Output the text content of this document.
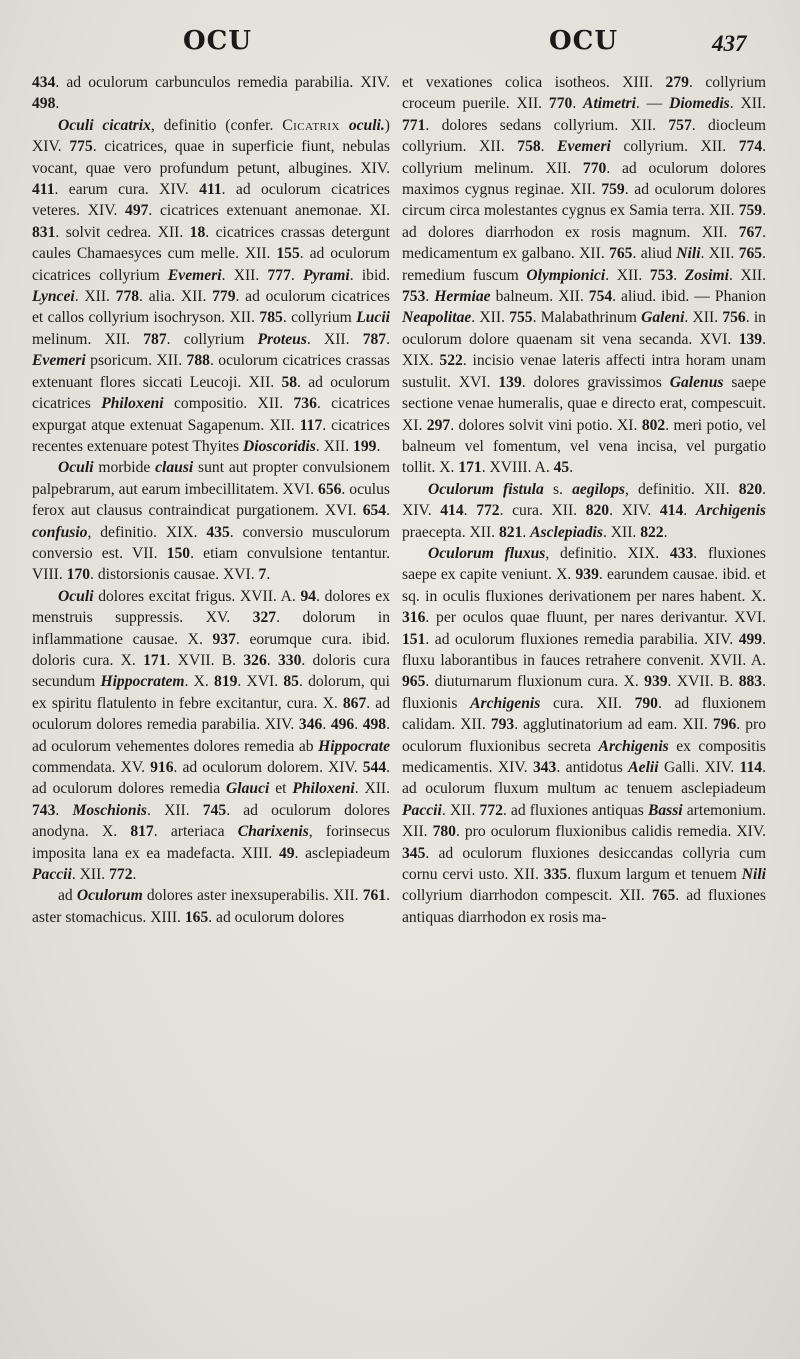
OCU	OCU	437

434. ad oculorum carbunculos remedia parabilia. XIV. 498.

Oculi cicatrix, definitio (confer. Cicatrix oculi.) XIV. 775. cicatrices, quae in superficie fiunt, nebulas vocant, quae vero profundum petunt, albugines. XIV. 411. earum cura. XIV. 411. ad oculorum cicatrices veteres. XIV. 497. cicatrices extenuant anemonae. XI. 831. solvit cedrea. XII. 18. cicatrices crassas detergunt caules Chamaesyces cum melle. XII. 155. ad oculorum cicatrices collyrium Evemeri. XII. 777. Pyrami. ibid. Lyncei. XII. 778. alia. XII. 779. ad oculorum cicatrices et callos collyrium isochryson. XII. 785. collyrium Lucii melinum. XII. 787. collyrium Proteus. XII. 787. Evemeri psoricum. XII. 788. oculorum cicatrices crassas extenuant flores siccati Leucoji. XII. 58. ad oculorum cicatrices Philoxeni compositio. XII. 736. cicatrices expurgat atque extenuat Sagapenum. XII. 117. cicatrices recentes extenuare potest Thyites Dioscoridis. XII. 199.

Oculi morbide clausi sunt aut propter convulsionem palpebrarum, aut earum imbecillitatem. XVI. 656. oculus ferox aut clausus contraindicat purgationem. XVI. 654. confusio, definitio. XIX. 435. conversio musculorum conversio est. VII. 150. etiam convulsione tentantur. VIII. 170. distorsionis causae. XVI. 7.

Oculi dolores excitat frigus. XVII. A. 94. dolores ex menstruis suppressis. XV. 327. dolorum in inflammatione causae. X. 937. eorumque cura. ibid. doloris cura. X. 171. XVII. B. 326. 330. doloris cura secundum Hippocratem. X. 819. XVI. 85. dolorum, qui ex spiritu flatulento in febre excitantur, cura. X. 867. ad oculorum dolores remedia parabilia. XIV. 346. 496. 498. ad oculorum vehementes dolores remedia ab Hippocrate commendata. XV. 916. ad oculorum dolorem. XIV. 544. ad oculorum dolores remedia Glauci et Philoxeni. XII. 743. Moschionis. XII. 745. ad oculorum dolores anodyna. X. 817. arteriaca Charixenis, forinsecus imposita lana ex ea madefacta. XIII. 49. asclepiadeum Paccii. XII. 772.

ad Oculorum dolores aster inexsuperabilis. XII. 761. aster stomachicus. XIII. 165. ad oculorum dolores

et vexationes colica isotheos. XIII. 279. collyrium croceum puerile. XII. 770. Atimetri. — Diomedis. XII. 771. dolores sedans collyrium. XII. 757. diocleum collyrium. XII. 758. Evemeri collyrium. XII. 774. collyrium melinum. XII. 770. ad oculorum dolores maximos cygnus reginae. XII. 759. ad oculorum dolores circum circa molestantes cygnus ex Samia terra. XII. 759. ad dolores diarrhodon ex rosis magnum. XII. 767. medicamentum ex galbano. XII. 765. aliud Nili. XII. 765. remedium fuscum Olympionici. XII. 753. Zosimi. XII. 753. Hermiae balneum. XII. 754. aliud. ibid. — Phanion Neapolitae. XII. 755. Malabathrinum Galeni. XII. 756. in oculorum dolore quaenam sit vena secanda. XVI. 139. XIX. 522. incisio venae lateris affecti intra horam unam sustulit. XVI. 139. dolores gravissimos Galenus saepe sectione venae humeralis, quae e directo erat, compescuit. XI. 297. dolores solvit vini potio. XI. 802. meri potio, vel balneum vel fomentum, vel vena incisa, vel purgatio tollit. X. 171. XVIII. A. 45.

Oculorum fistula s. aegilops, definitio. XII. 820. XIV. 414. 772. cura. XII. 820. XIV. 414. Archigenis praecepta. XII. 821. Asclepiadis. XII. 822.

Oculorum fluxus, definitio. XIX. 433. fluxiones saepe ex capite veniunt. X. 939. earundem causae. ibid. et sq. in oculis fluxiones derivationem per nares habent. X. 316. per oculos quae fluunt, per nares derivantur. XVI. 151. ad oculorum fluxiones remedia parabilia. XIV. 499. fluxu laborantibus in fauces retrahere convenit. XVII. A. 965. diuturnarum fluxionum cura. X. 939. XVII. B. 883. fluxionis Archigenis cura. XII. 790. ad fluxionem calidam. XII. 793. agglutinatorium ad eam. XII. 796. pro oculorum fluxionibus secreta Archigenis ex compositis medicamentis. XIV. 343. antidotus Aelii Galli. XIV. 114. ad oculorum fluxum multum ac tenuem asclepiadeum Paccii. XII. 772. ad fluxiones antiquas Bassi artemonium. XII. 780. pro oculorum fluxionibus calidis remedia. XIV. 345. ad oculorum fluxiones desiccandas collyria cum cornu cervi usto. XII. 335. fluxum largum et tenuem Nili collyrium diarrhodon compescit. XII. 765. ad fluxiones antiquas diarrhodon ex rosis ma-
